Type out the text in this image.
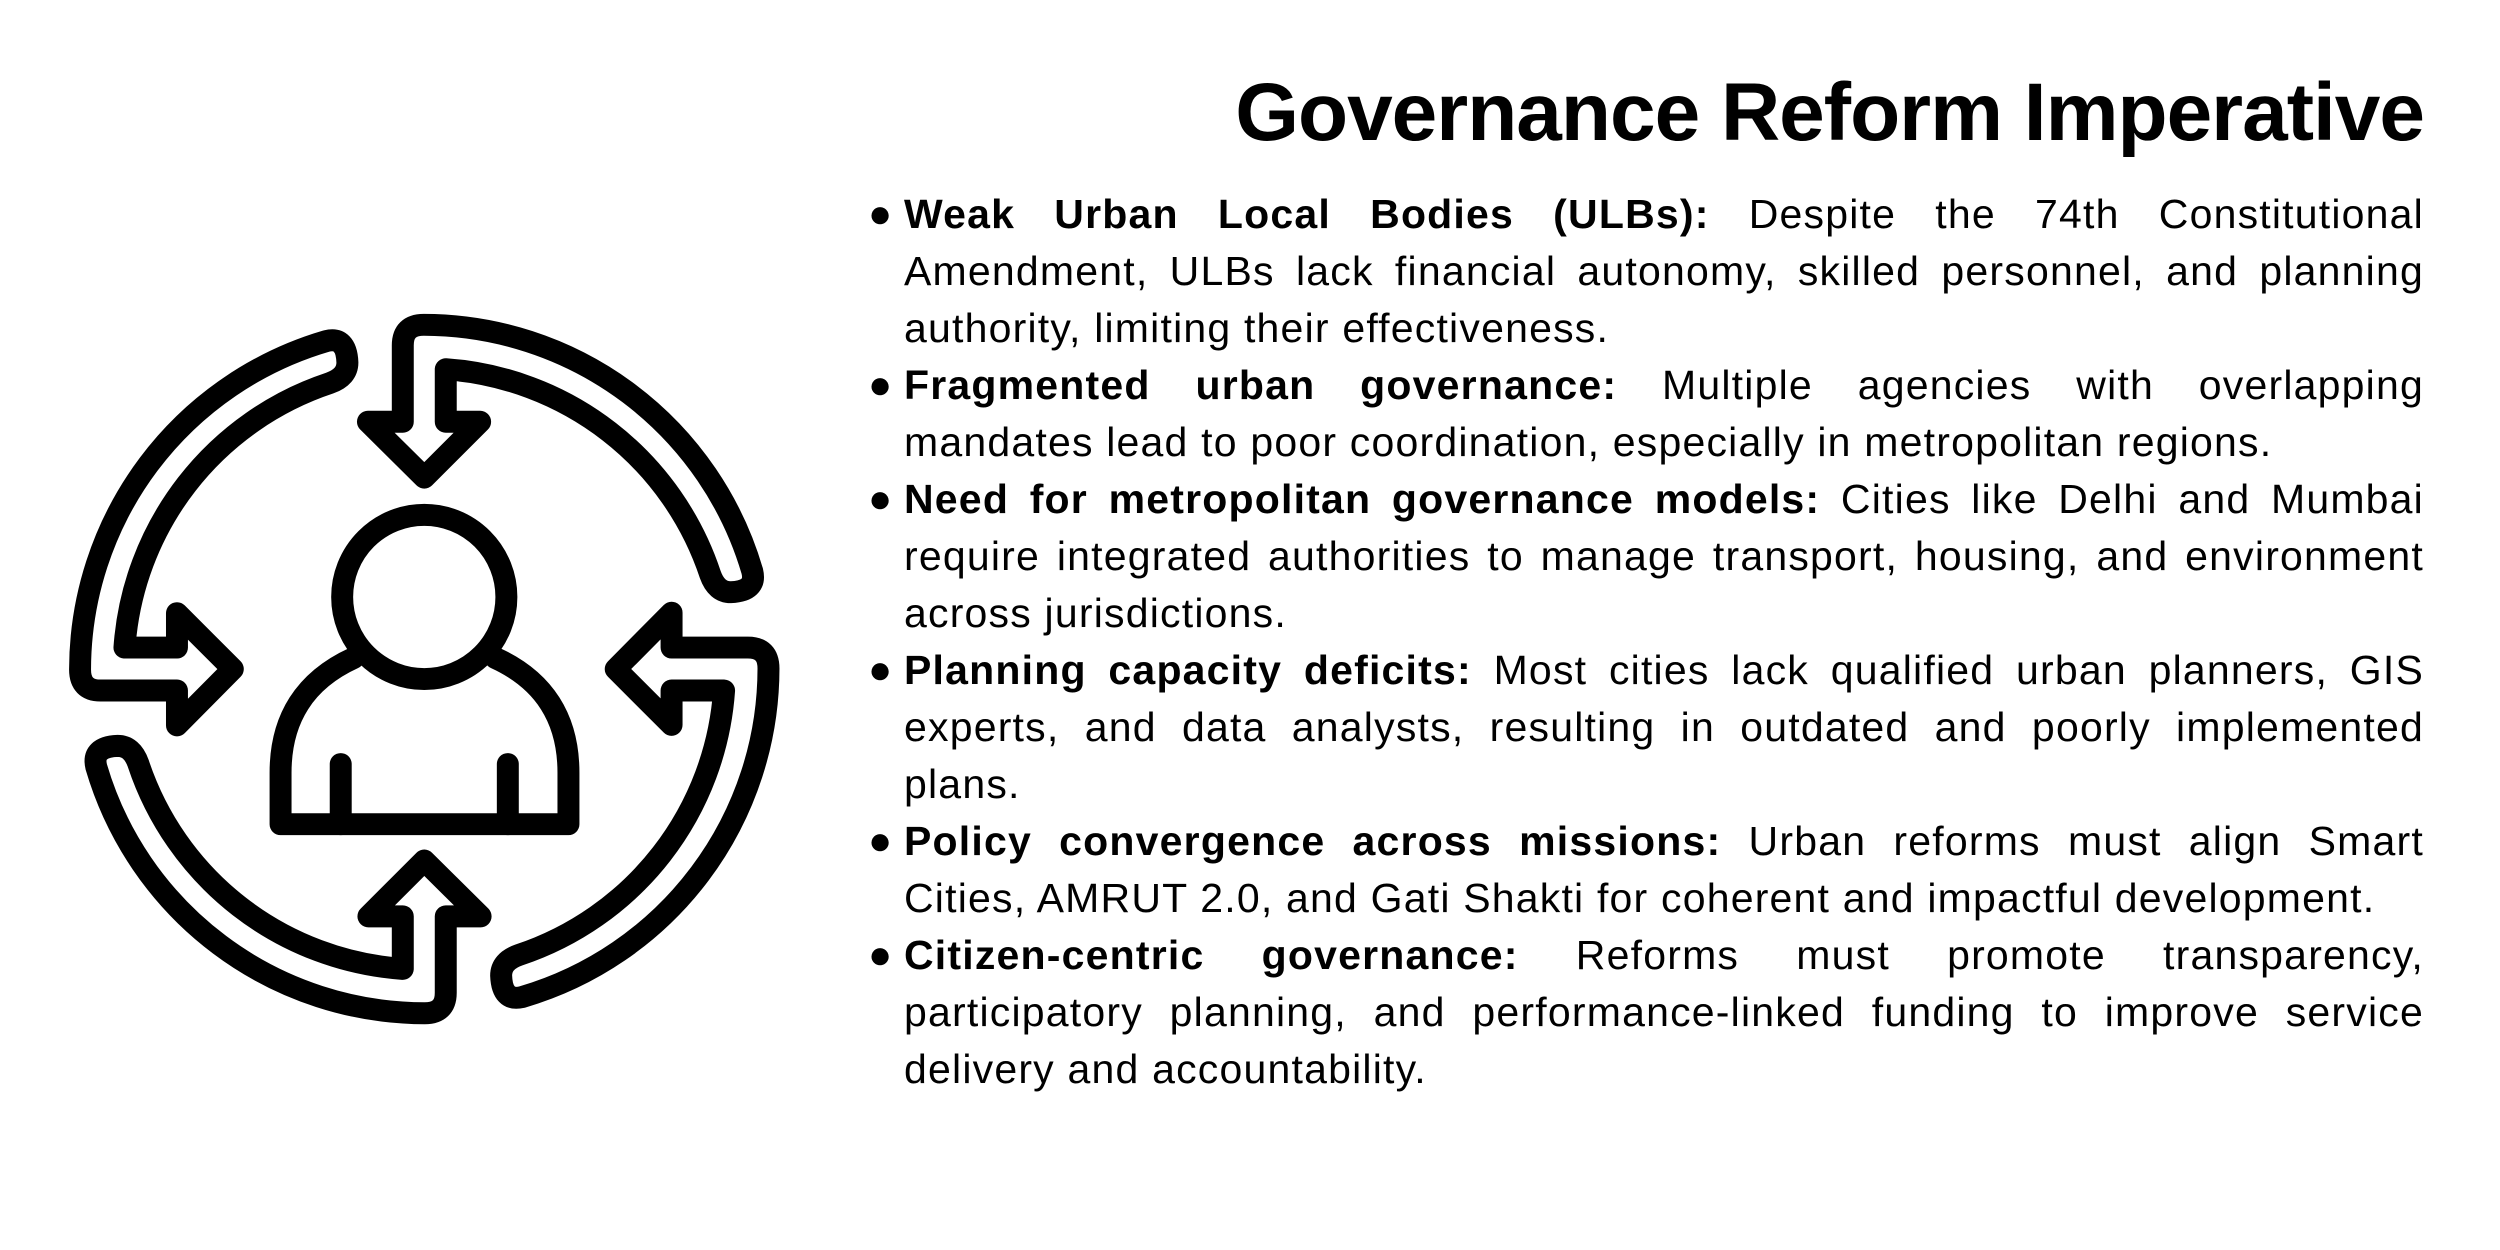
Governance Reform Imperative
● Weak Urban Local Bodies (ULBs): Despite the 74th Constitutional Amendment, ULBs lack financial autonomy, skilled personnel, and planning authority, limiting their effectiveness.
● Fragmented urban governance: Multiple agencies with overlapping mandates lead to poor coordination, especially in metropolitan regions.
● Need for metropolitan governance models: Cities like Delhi and Mumbai require integrated authorities to manage transport, housing, and environment across jurisdictions.
● Planning capacity deficits: Most cities lack qualified urban planners, GIS experts, and data analysts, resulting in outdated and poorly implemented plans.
● Policy convergence across missions: Urban reforms must align Smart Cities, AMRUT 2.0, and Gati Shakti for coherent and impactful development.
● Citizen-centric governance: Reforms must promote transparency, participatory planning, and performance-linked funding to improve service delivery and accountability.
